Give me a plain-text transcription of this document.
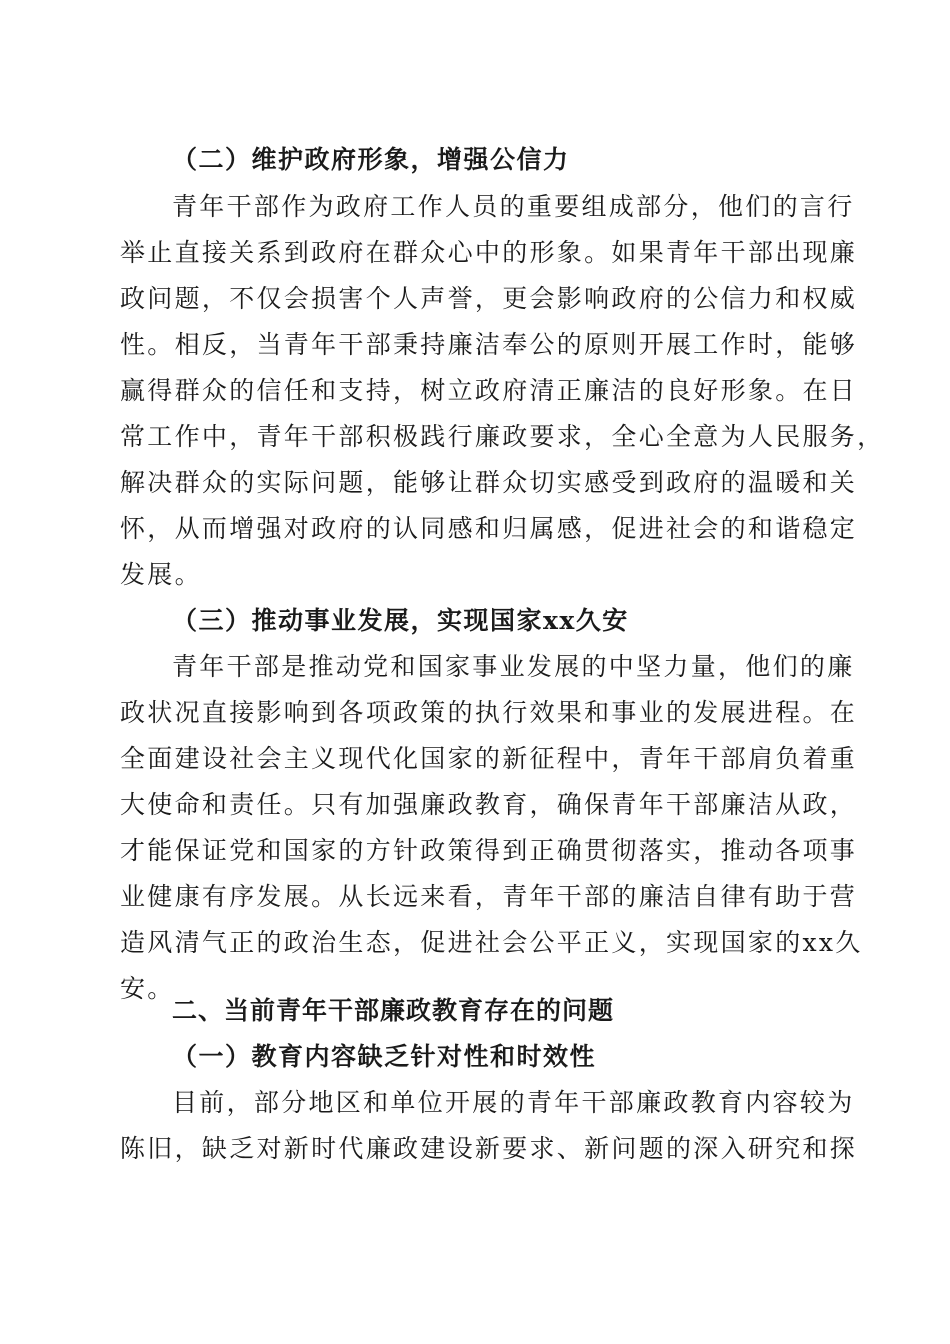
（二）维护政府形象，增强公信力
青年干部作为政府工作人员的重要组成部分，他们的言行
举止直接关系到政府在群众心中的形象。如果青年干部出现廉
政问题，不仅会损害个人声誉，更会影响政府的公信力和权威
性。相反，当青年干部秉持廉洁奉公的原则开展工作时，能够
赢得群众的信任和支持，树立政府清正廉洁的良好形象。在日
常工作中，青年干部积极践行廉政要求，全心全意为人民服务，
解决群众的实际问题，能够让群众切实感受到政府的温暖和关
怀，从而增强对政府的认同感和归属感，促进社会的和谐稳定
发展。
（三）推动事业发展，实现国家xx久安
青年干部是推动党和国家事业发展的中坚力量，他们的廉
政状况直接影响到各项政策的执行效果和事业的发展进程。在
全面建设社会主义现代化国家的新征程中，青年干部肩负着重
大使命和责任。只有加强廉政教育，确保青年干部廉洁从政，
才能保证党和国家的方针政策得到正确贯彻落实，推动各项事
业健康有序发展。从长远来看，青年干部的廉洁自律有助于营
造风清气正的政治生态，促进社会公平正义，实现国家的xx久
安。
二、当前青年干部廉政教育存在的问题
（一）教育内容缺乏针对性和时效性
目前，部分地区和单位开展的青年干部廉政教育内容较为
陈旧，缺乏对新时代廉政建设新要求、新问题的深入研究和探
